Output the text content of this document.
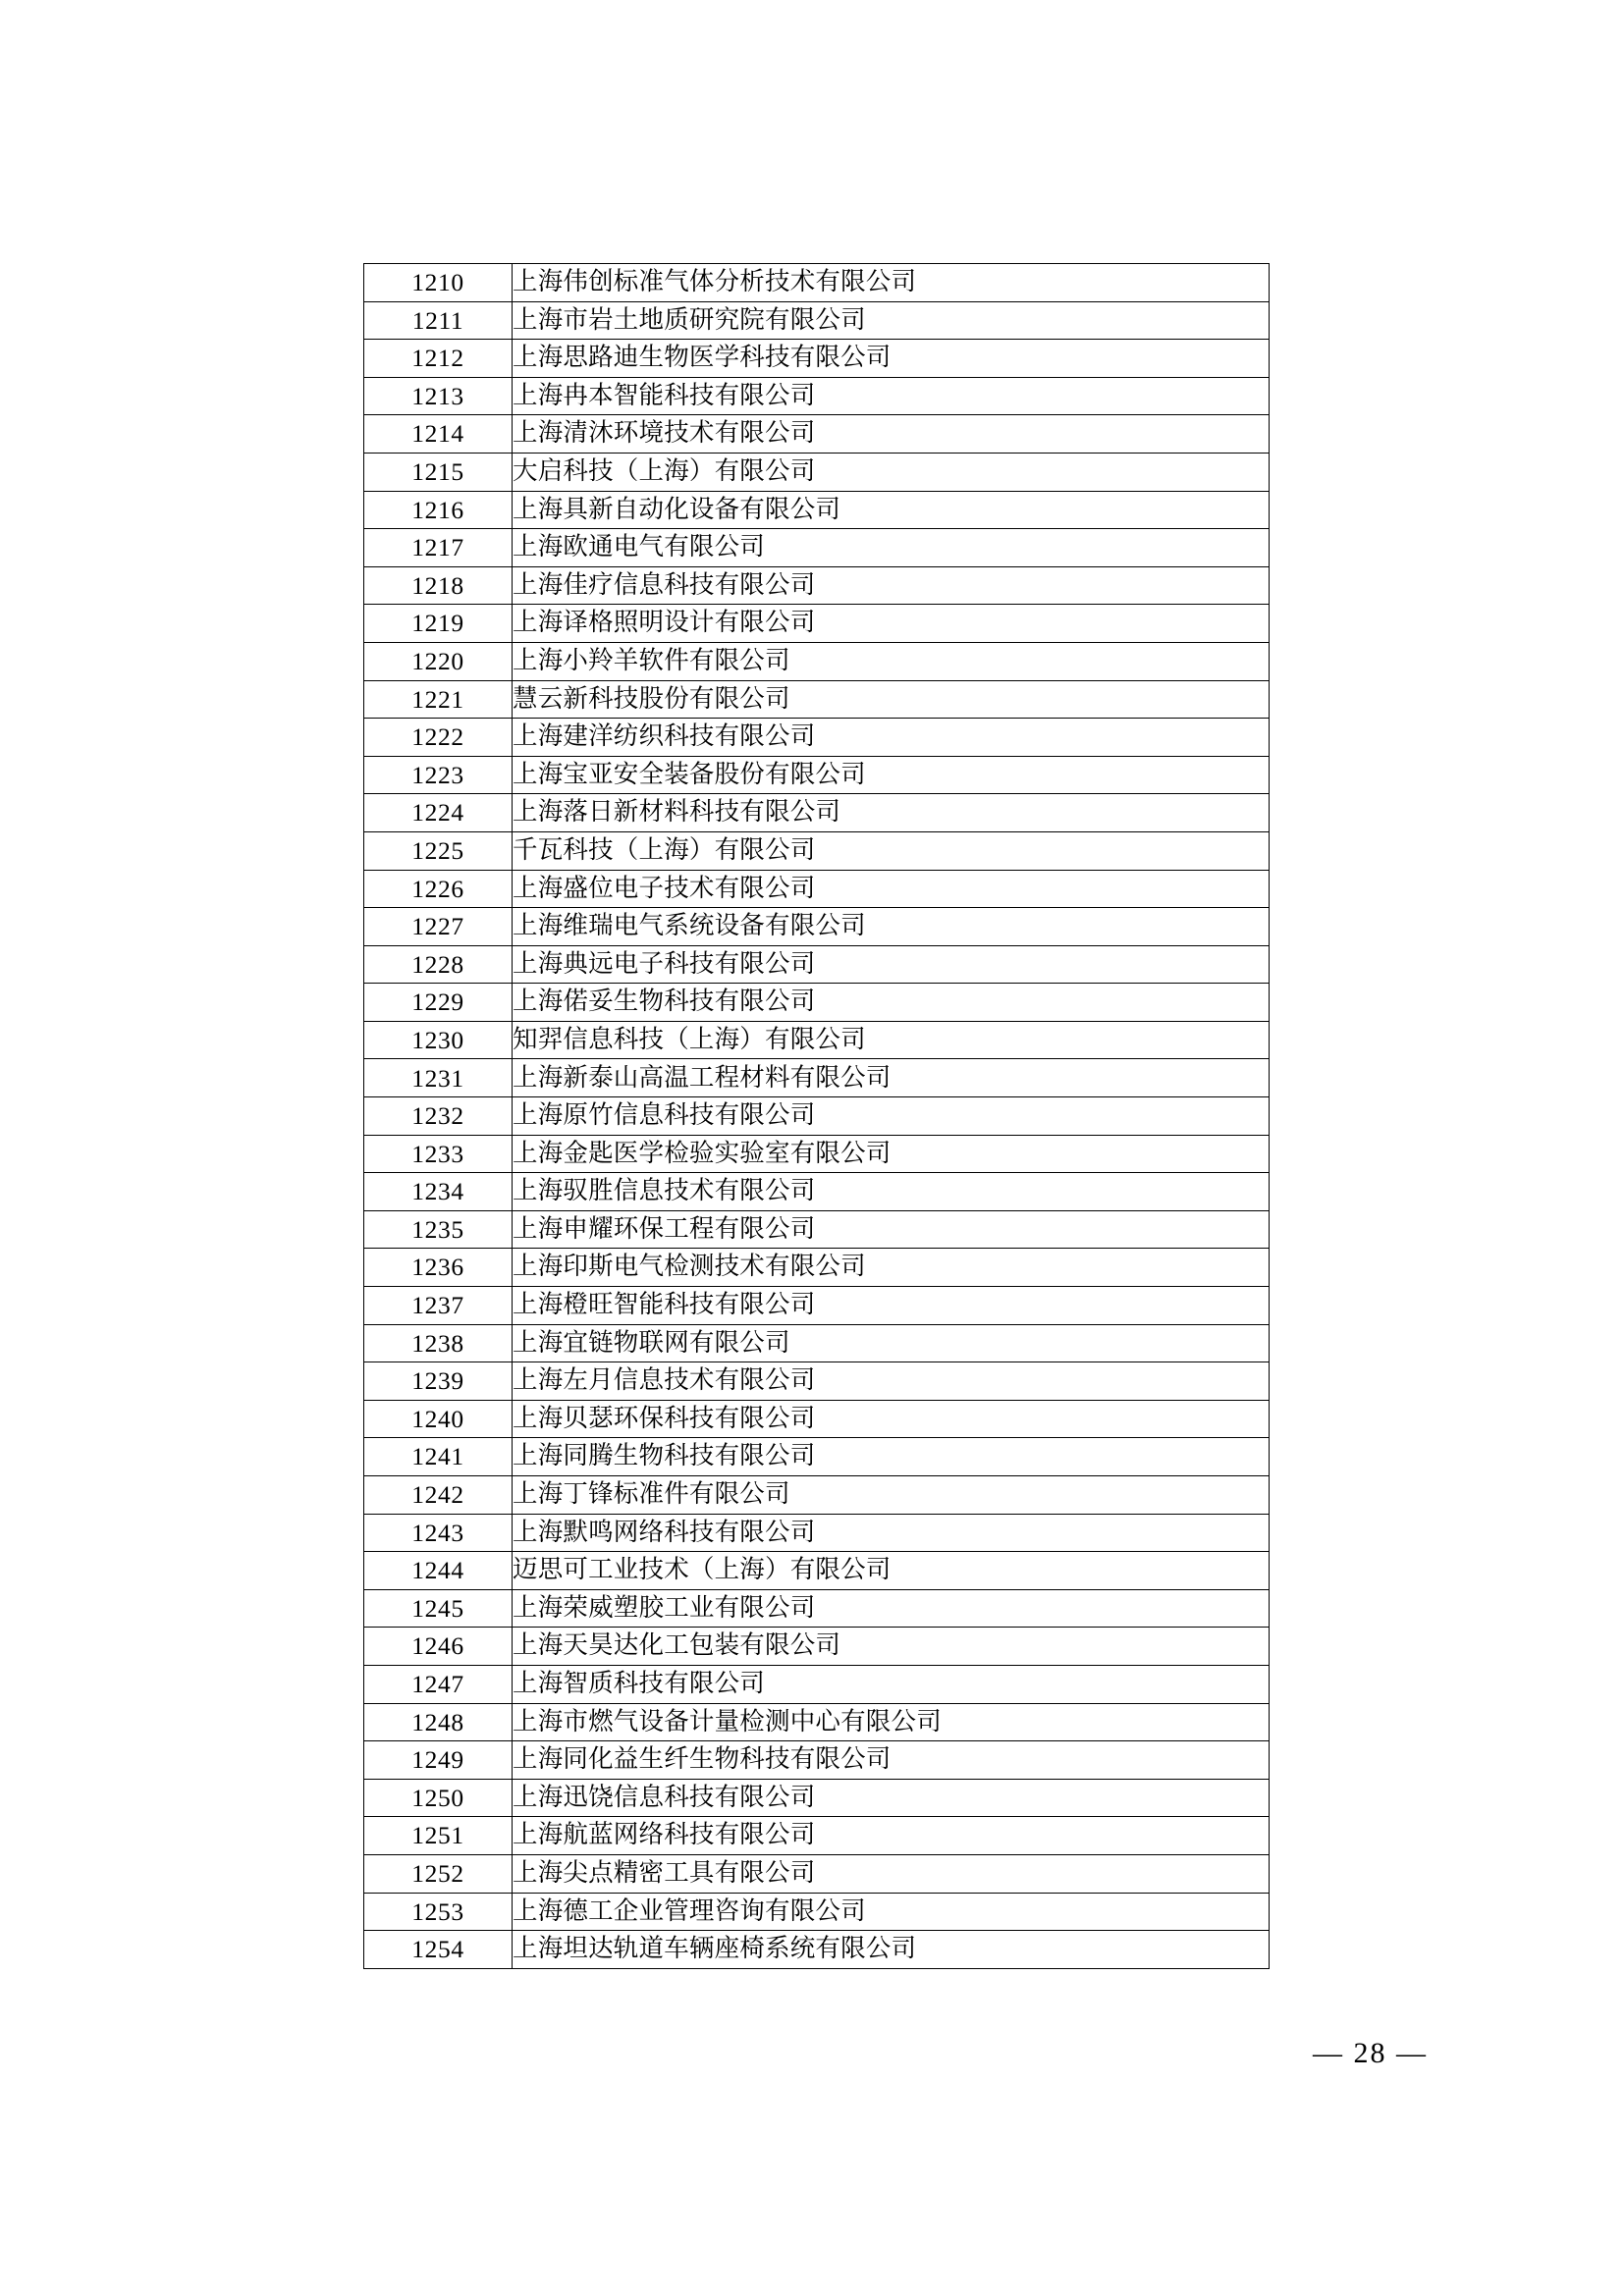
1210	上海伟创标准气体分析技术有限公司
1211	上海市岩土地质研究院有限公司
1212	上海思路迪生物医学科技有限公司
1213	上海冉本智能科技有限公司
1214	上海清沐环境技术有限公司
1215	大启科技（上海）有限公司
1216	上海具新自动化设备有限公司
1217	上海欧通电气有限公司
1218	上海佳疗信息科技有限公司
1219	上海译格照明设计有限公司
1220	上海小羚羊软件有限公司
1221	慧云新科技股份有限公司
1222	上海建洋纺织科技有限公司
1223	上海宝亚安全装备股份有限公司
1224	上海落日新材料科技有限公司
1225	千瓦科技（上海）有限公司
1226	上海盛位电子技术有限公司
1227	上海维瑞电气系统设备有限公司
1228	上海典远电子科技有限公司
1229	上海偌妥生物科技有限公司
1230	知羿信息科技（上海）有限公司
1231	上海新泰山高温工程材料有限公司
1232	上海原竹信息科技有限公司
1233	上海金匙医学检验实验室有限公司
1234	上海驭胜信息技术有限公司
1235	上海申耀环保工程有限公司
1236	上海印斯电气检测技术有限公司
1237	上海橙旺智能科技有限公司
1238	上海宜链物联网有限公司
1239	上海左月信息技术有限公司
1240	上海贝瑟环保科技有限公司
1241	上海同腾生物科技有限公司
1242	上海丁锋标准件有限公司
1243	上海默鸣网络科技有限公司
1244	迈思可工业技术（上海）有限公司
1245	上海荣威塑胶工业有限公司
1246	上海天昊达化工包装有限公司
1247	上海智质科技有限公司
1248	上海市燃气设备计量检测中心有限公司
1249	上海同化益生纤生物科技有限公司
1250	上海迅饶信息科技有限公司
1251	上海航蓝网络科技有限公司
1252	上海尖点精密工具有限公司
1253	上海德工企业管理咨询有限公司
1254	上海坦达轨道车辆座椅系统有限公司
— 28 —
